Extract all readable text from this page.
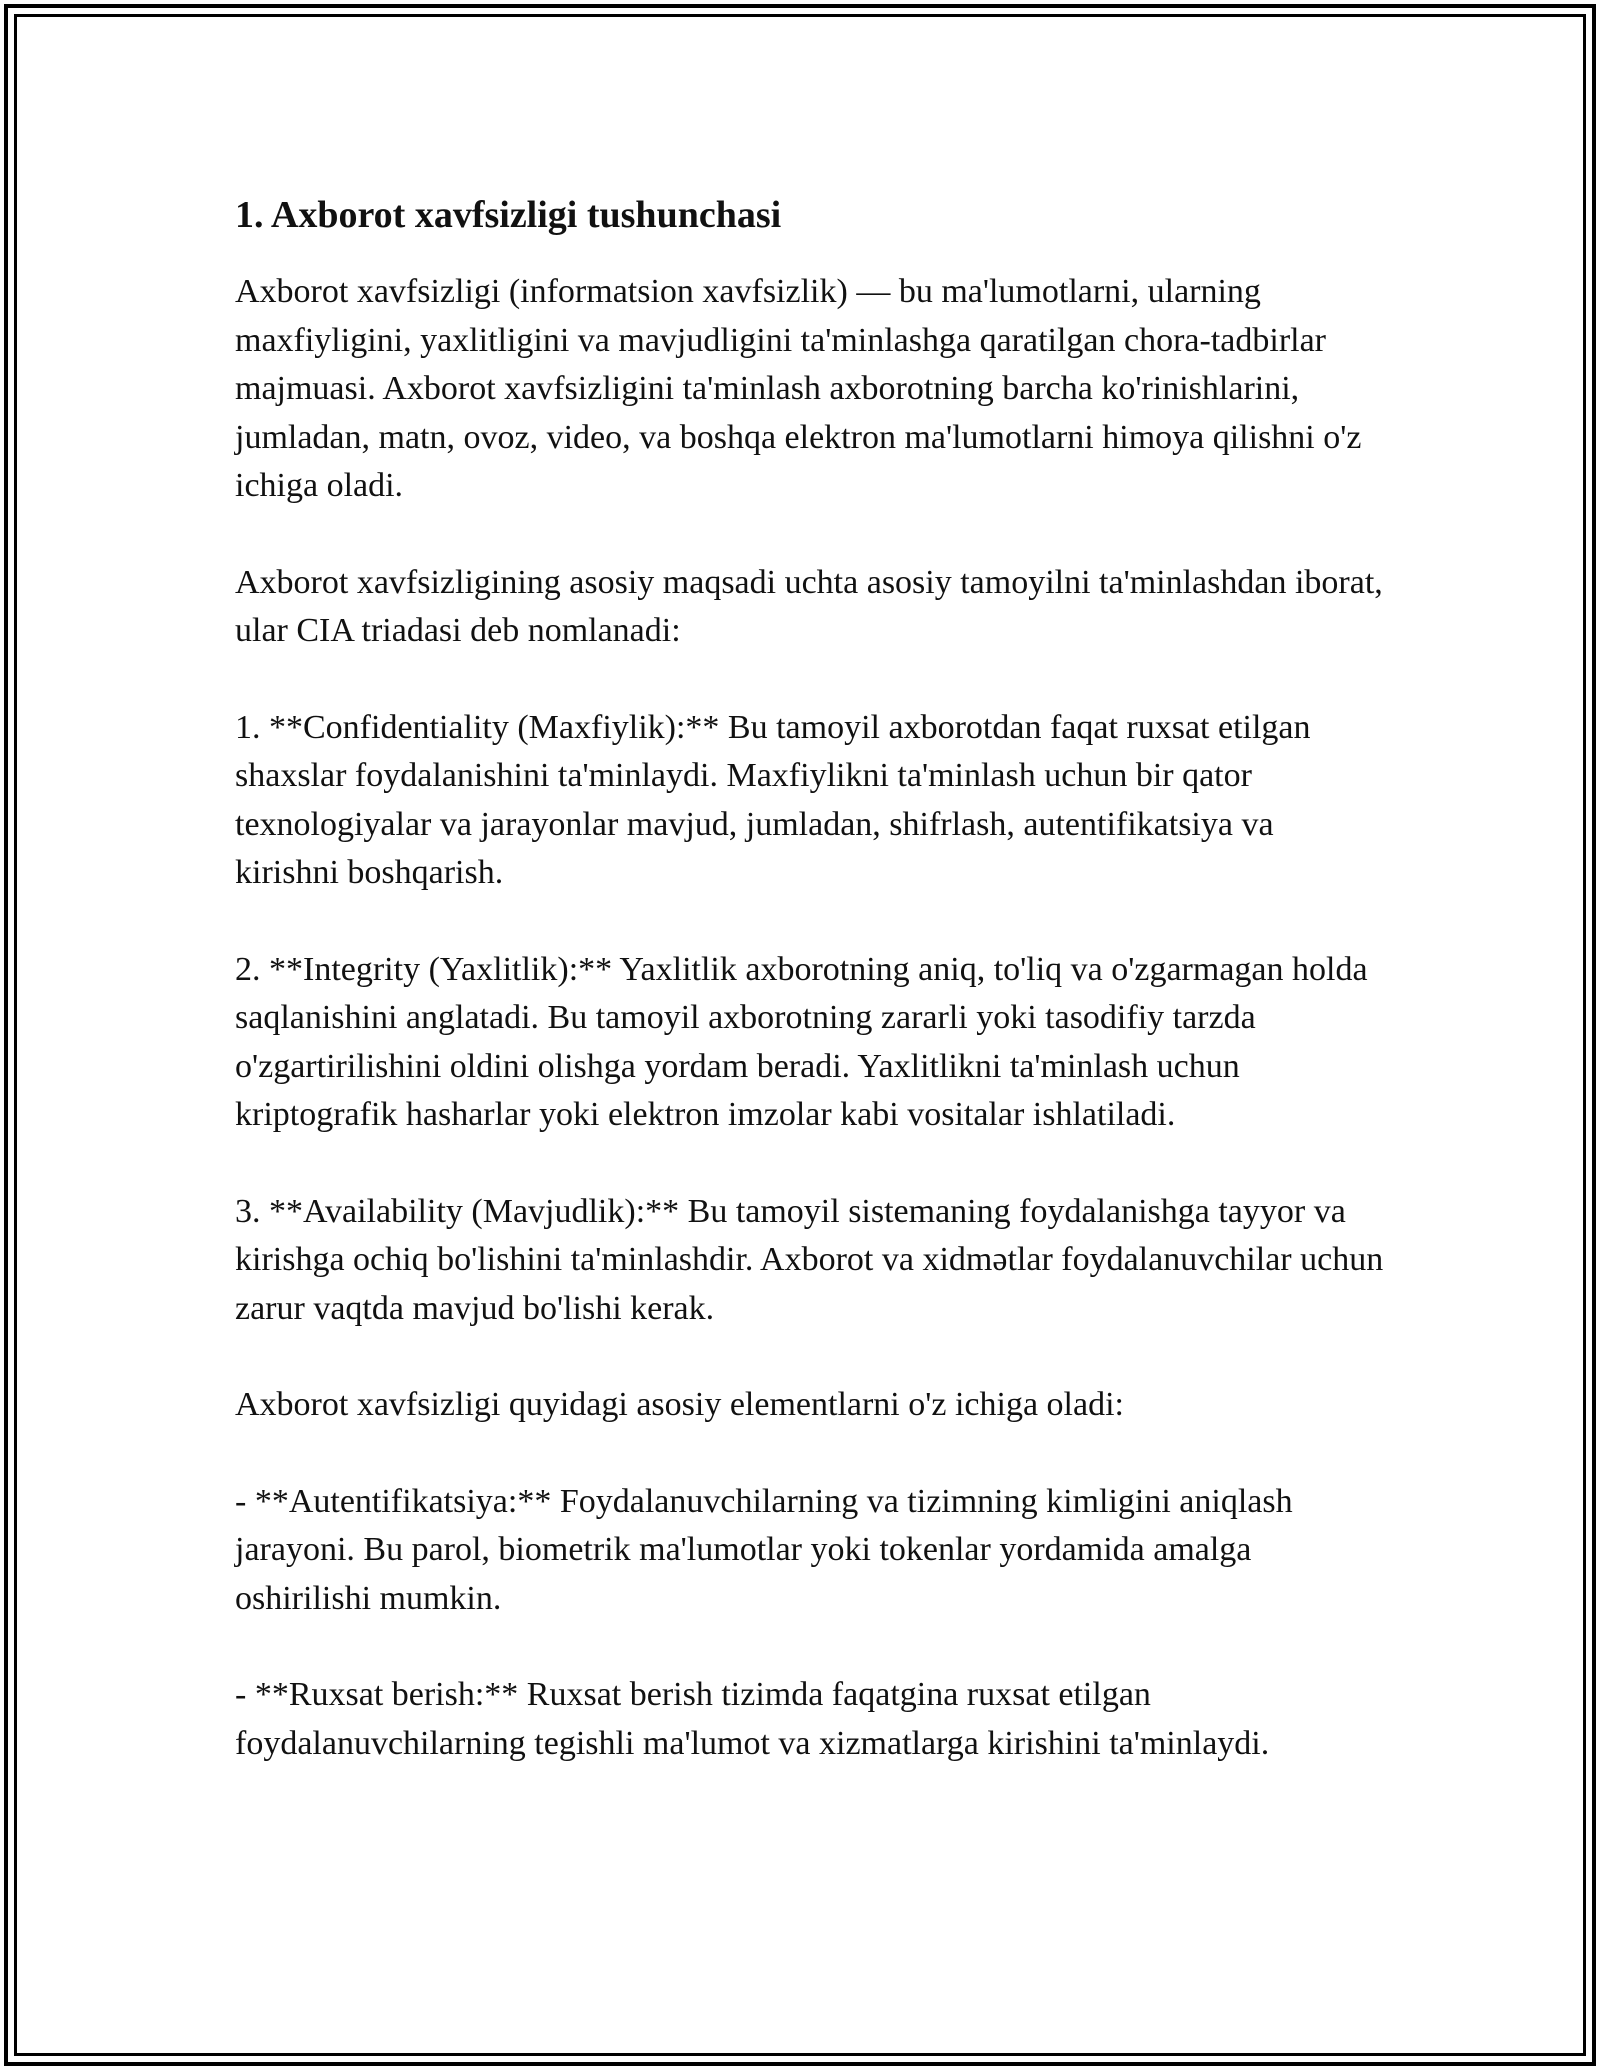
1. Axborot xavfsizligi tushunchasi

Axborot xavfsizligi (informatsion xavfsizlik) — bu ma'lumotlarni, ularning maxfiyligini, yaxlitligini va mavjudligini ta'minlashga qaratilgan chora-tadbirlar majmuasi. Axborot xavfsizligini ta'minlash axborotning barcha ko'rinishlarini, jumladan, matn, ovoz, video, va boshqa elektron ma'lumotlarni himoya qilishni o'z ichiga oladi.

Axborot xavfsizligining asosiy maqsadi uchta asosiy tamoyilni ta'minlashdan iborat, ular CIA triadasi deb nomlanadi:

1. **Confidentiality (Maxfiylik):** Bu tamoyil axborotdan faqat ruxsat etilgan shaxslar foydalanishini ta'minlaydi. Maxfiylikni ta'minlash uchun bir qator texnologiyalar va jarayonlar mavjud, jumladan, shifrlash, autentifikatsiya va kirishni boshqarish.

2. **Integrity (Yaxlitlik):** Yaxlitlik axborotning aniq, to'liq va o'zgarmagan holda saqlanishini anglatadi. Bu tamoyil axborotning zararli yoki tasodifiy tarzda o'zgartirilishini oldini olishga yordam beradi. Yaxlitlikni ta'minlash uchun kriptografik hasharlar yoki elektron imzolar kabi vositalar ishlatiladi.

3. **Availability (Mavjudlik):** Bu tamoyil sistemaning foydalanishga tayyor va kirishga ochiq bo'lishini ta'minlashdir. Axborot va xidmətlar foydalanuvchilar uchun zarur vaqtda mavjud bo'lishi kerak.

Axborot xavfsizligi quyidagi asosiy elementlarni o'z ichiga oladi:

- **Autentifikatsiya:** Foydalanuvchilarning va tizimning kimligini aniqlash jarayoni. Bu parol, biometrik ma'lumotlar yoki tokenlar yordamida amalga oshirilishi mumkin.

- **Ruxsat berish:** Ruxsat berish tizimda faqatgina ruxsat etilgan foydalanuvchilarning tegishli ma'lumot va xizmatlarga kirishini ta'minlaydi.
